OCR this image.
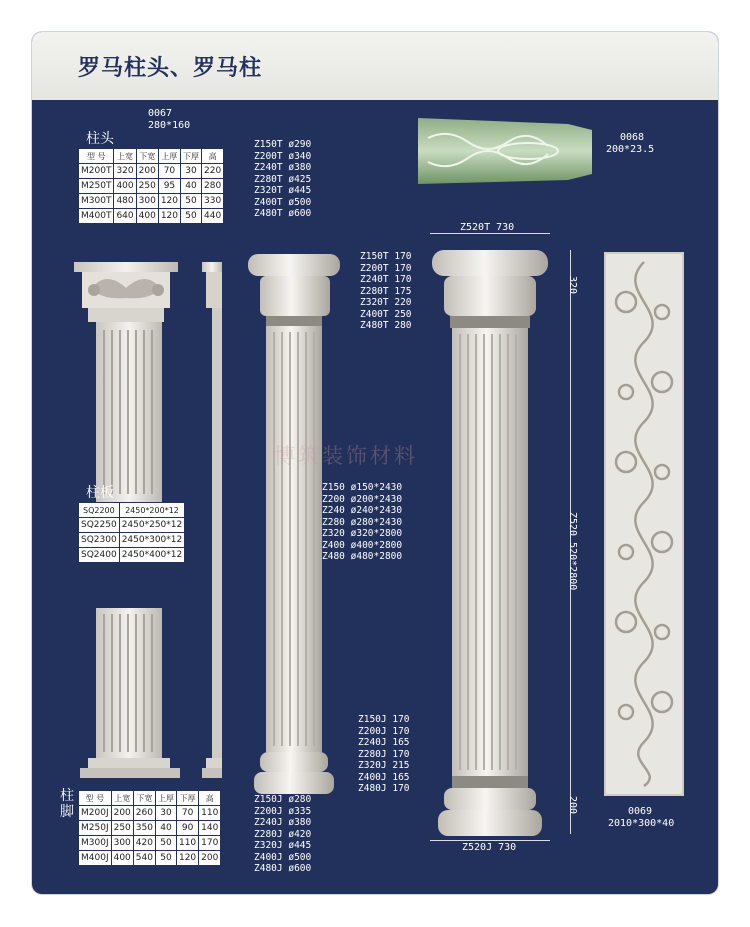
罗马柱头、罗马柱
0067
280*160
柱头
型 号	上宽	下宽	上厚	下厚	高
M200T	320	200	70	30	220
M250T	400	250	95	40	280
M300T	480	300	120	50	330
M400T	640	400	120	50	440
柱板
SQ2200	2450*200*12
SQ2250	2450*250*12
SQ2300	2450*300*12
SQ2400	2450*400*12
柱脚
型 号	上宽	下宽	上厚	下厚	高
M200J	200	260	30	70	110
M250J	250	350	40	90	140
M300J	300	420	50	110	170
M400J	400	540	50	120	200
Z150T ø290
Z200T ø340
Z240T ø380
Z280T ø425
Z320T ø445
Z400T ø500
Z480T ø600
Z150T 170
Z200T 170
Z240T 170
Z280T 175
Z320T 220
Z400T 250
Z480T 280
Z150 ø150*2430
Z200 ø200*2430
Z240 ø240*2430
Z280 ø280*2430
Z320 ø320*2800
Z400 ø400*2800
Z480 ø480*2800
Z150J 170
Z200J 170
Z240J 165
Z280J 170
Z320J 215
Z400J 165
Z480J 170
Z150J ø280
Z200J ø335
Z240J ø380
Z280J ø420
Z320J ø445
Z400J ø500
Z480J ø600
Z520T 730
320
Z520 520*2800
200
Z520J 730
0068
200*23.5
0069
2010*300*40
博筑装饰材料
